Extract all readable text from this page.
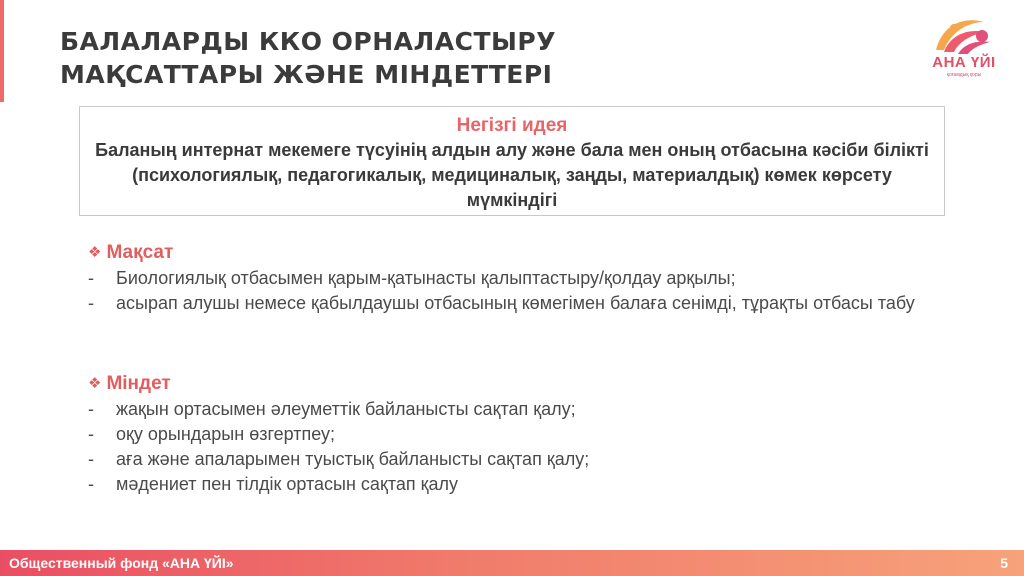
БАЛАЛАРДЫ ККО ОРНАЛАСТЫРУ
МАҚСАТТАРЫ ЖӘНЕ МІНДЕТТЕРІ	АНА ҮЙІ
қоғамдық қоры
Негізгі идея
Баланың интернат мекемеге түсуінің алдын алу және бала мен оның отбасына кәсіби білікті (психологиялық, педагогикалық, медициналық, заңды, материалдық) көмек көрсету мүмкіндігі
❖ Мақсат
- Биологиялық отбасымен қарым-қатынасты қалыптастыру/қолдау арқылы;
- асырап алушы немесе қабылдаушы отбасының көмегімен балаға сенімді, тұрақты отбасы табу
❖ Міндет
- жақын ортасымен әлеуметтік байланысты сақтап қалу;
- оқу орындарын өзгертпеу;
- аға және апаларымен туыстық байланысты сақтап қалу;
- мәдениет пен тілдік ортасын сақтап қалу
Общественный фонд «АНА ҮЙІ»	5
